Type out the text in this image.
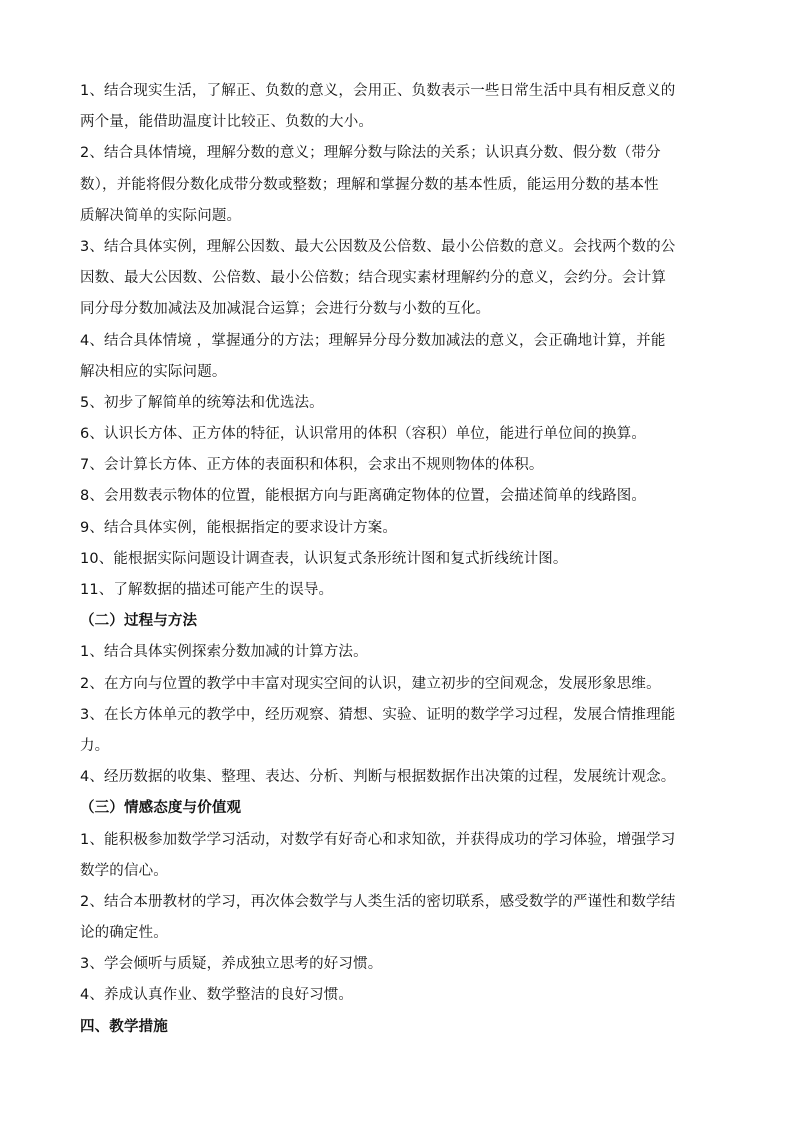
1、结合现实生活，了解正、负数的意义，会用正、负数表示一些日常生活中具有相反意义的
两个量，能借助温度计比较正、负数的大小。
2、结合具体情境，理解分数的意义；理解分数与除法的关系；认识真分数、假分数（带分
数），并能将假分数化成带分数或整数；理解和掌握分数的基本性质，能运用分数的基本性
质解决简单的实际问题。
3、结合具体实例，理解公因数、最大公因数及公倍数、最小公倍数的意义。会找两个数的公
因数、最大公因数、公倍数、最小公倍数；结合现实素材理解约分的意义，会约分。会计算
同分母分数加减法及加减混合运算；会进行分数与小数的互化。
4、结合具体情境 ，掌握通分的方法；理解异分母分数加减法的意义，会正确地计算，并能
解决相应的实际问题。
5、初步了解简单的统筹法和优选法。
6、认识长方体、正方体的特征，认识常用的体积（容积）单位，能进行单位间的换算。
7、会计算长方体、正方体的表面积和体积，会求出不规则物体的体积。
8、会用数表示物体的位置，能根据方向与距离确定物体的位置，会描述简单的线路图。
9、结合具体实例，能根据指定的要求设计方案。
10、能根据实际问题设计调查表，认识复式条形统计图和复式折线统计图。
11、了解数据的描述可能产生的误导。
（二）过程与方法
1、结合具体实例探索分数加减的计算方法。
2、在方向与位置的教学中丰富对现实空间的认识，建立初步的空间观念，发展形象思维。
3、在长方体单元的教学中，经历观察、猜想、实验、证明的数学学习过程，发展合情推理能
力。
4、经历数据的收集、整理、表达、分析、判断与根据数据作出决策的过程，发展统计观念。
（三）情感态度与价值观
1、能积极参加数学学习活动，对数学有好奇心和求知欲，并获得成功的学习体验，增强学习
数学的信心。
2、结合本册教材的学习，再次体会数学与人类生活的密切联系，感受数学的严谨性和数学结
论的确定性。
3、学会倾听与质疑，养成独立思考的好习惯。
4、养成认真作业、数学整洁的良好习惯。
四、教学措施
